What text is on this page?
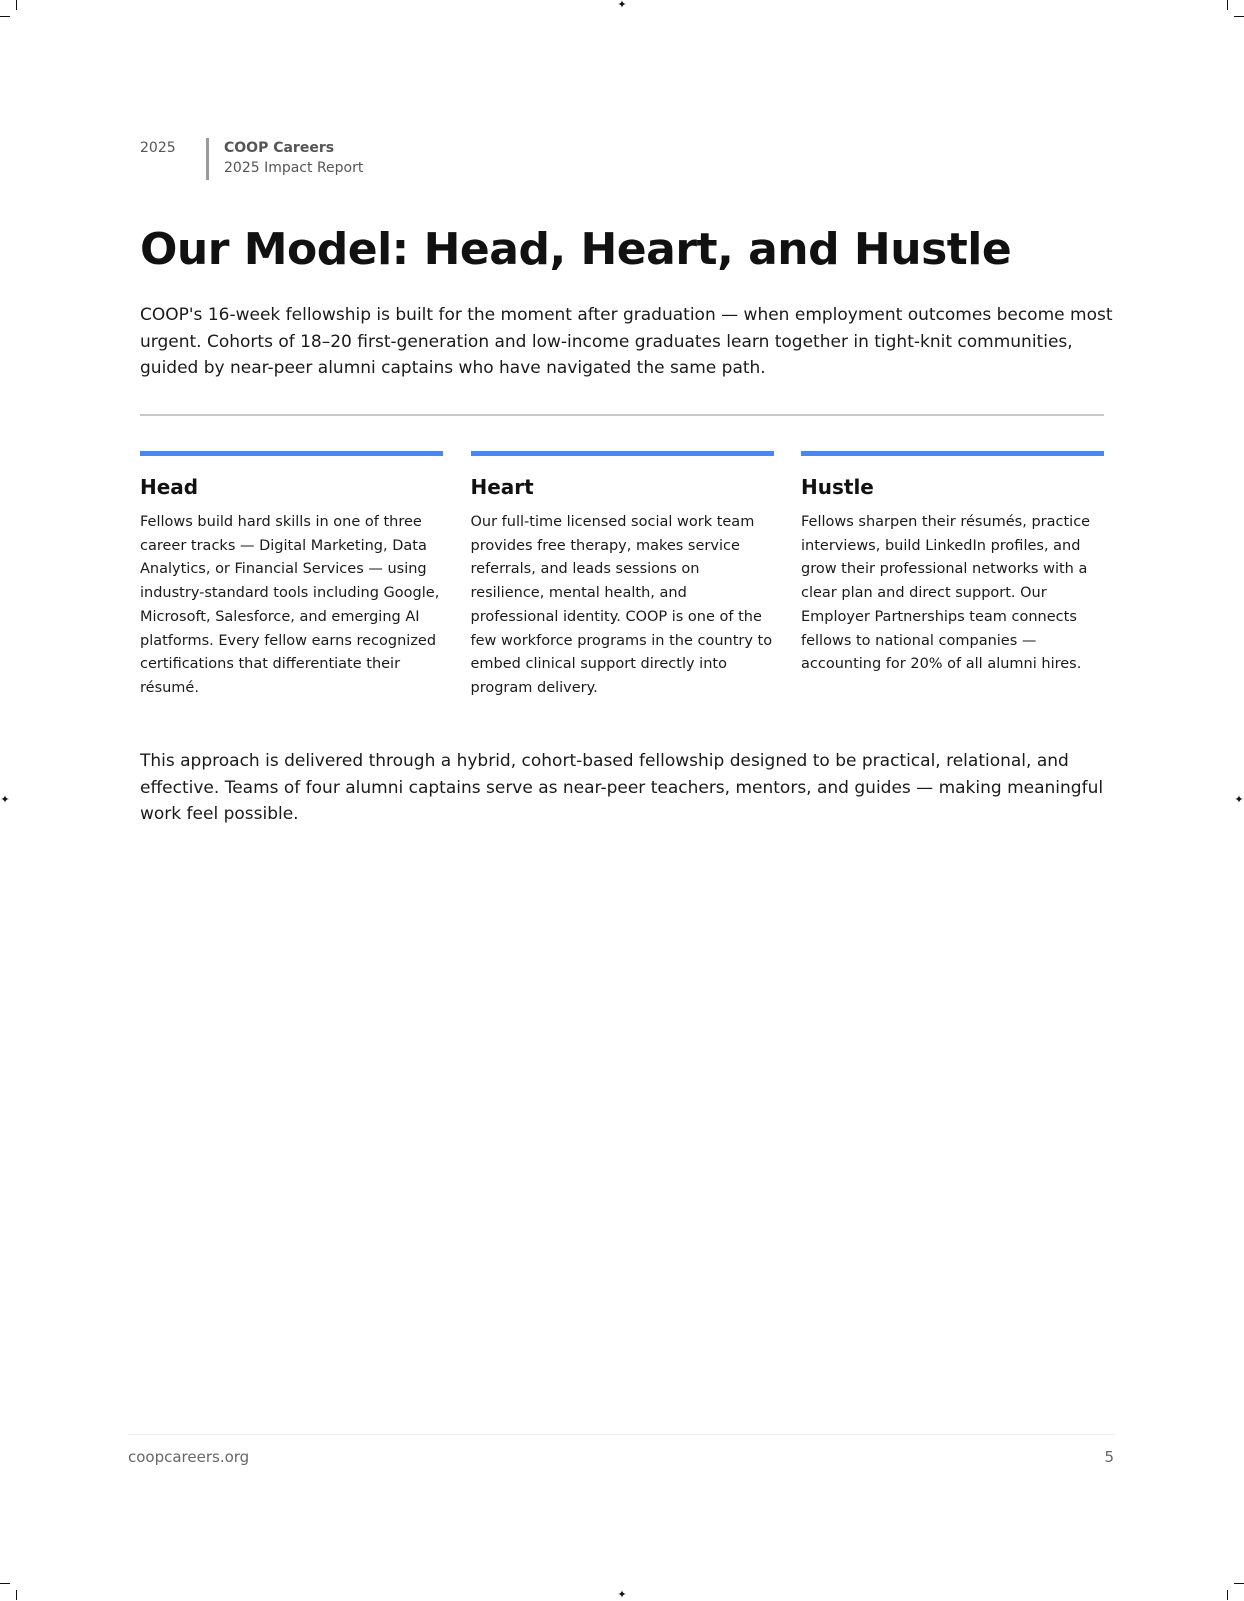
✦
✦
✦	✦
2025	COOP Careers
2025 Impact Report
Our Model: Head, Heart, and Hustle

COOP's 16-week fellowship is built for the moment after graduation — when employment outcomes become most urgent. Cohorts of 18–20 first-generation and low-income graduates learn together in tight-knit communities, guided by near-peer alumni captains who have navigated the same path.

Head

Fellows build hard skills in one of three career tracks — Digital Marketing, Data Analytics, or Financial Services — using industry-standard tools including Google, Microsoft, Salesforce, and emerging AI platforms. Every fellow earns recognized certifications that differentiate their résumé.

Heart

Our full-time licensed social work team provides free therapy, makes service referrals, and leads sessions on resilience, mental health, and professional identity. COOP is one of the few workforce programs in the country to embed clinical support directly into program delivery.

Hustle

Fellows sharpen their résumés, practice interviews, build LinkedIn profiles, and grow their professional networks with a clear plan and direct support. Our Employer Partnerships team connects fellows to national companies — accounting for 20% of all alumni hires.

This approach is delivered through a hybrid, cohort-based fellowship designed to be practical, relational, and effective. Teams of four alumni captains serve as near-peer teachers, mentors, and guides — making meaningful work feel possible.

coopcareers.org	5
